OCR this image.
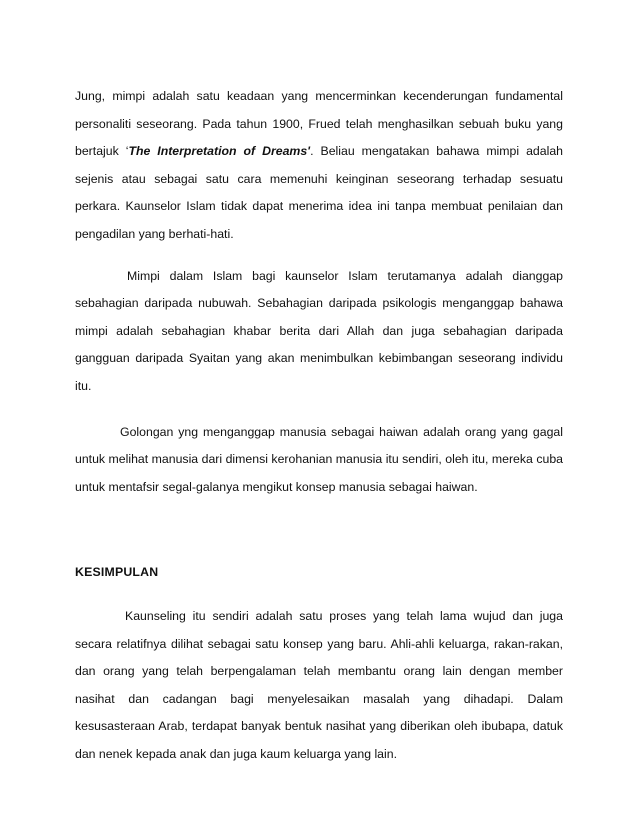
Jung, mimpi adalah satu keadaan yang mencerminkan kecenderungan fundamental personaliti seseorang. Pada tahun 1900, Frued telah menghasilkan sebuah buku yang bertajuk ‘The Interpretation of Dreams'. Beliau mengatakan bahawa mimpi adalah sejenis atau sebagai satu cara memenuhi keinginan seseorang terhadap sesuatu perkara. Kaunselor Islam tidak dapat menerima idea ini tanpa membuat penilaian dan pengadilan yang berhati-hati.

Mimpi dalam Islam bagi kaunselor Islam terutamanya adalah dianggap sebahagian daripada nubuwah. Sebahagian daripada psikologis menganggap bahawa mimpi adalah sebahagian khabar berita dari Allah dan juga sebahagian daripada gangguan daripada Syaitan yang akan menimbulkan kebimbangan seseorang individu itu.

Golongan yng menganggap manusia sebagai haiwan adalah orang yang gagal untuk melihat manusia dari dimensi kerohanian manusia itu sendiri, oleh itu, mereka cuba untuk mentafsir segal-galanya mengikut konsep manusia sebagai haiwan.

KESIMPULAN

Kaunseling itu sendiri adalah satu proses yang telah lama wujud dan juga secara relatifnya dilihat sebagai satu konsep yang baru. Ahli-ahli keluarga, rakan-rakan, dan orang yang telah berpengalaman telah membantu orang lain dengan member nasihat dan cadangan bagi menyelesaikan masalah yang dihadapi. Dalam kesusasteraan Arab, terdapat banyak bentuk nasihat yang diberikan oleh ibubapa, datuk dan nenek kepada anak dan juga kaum keluarga yang lain.
